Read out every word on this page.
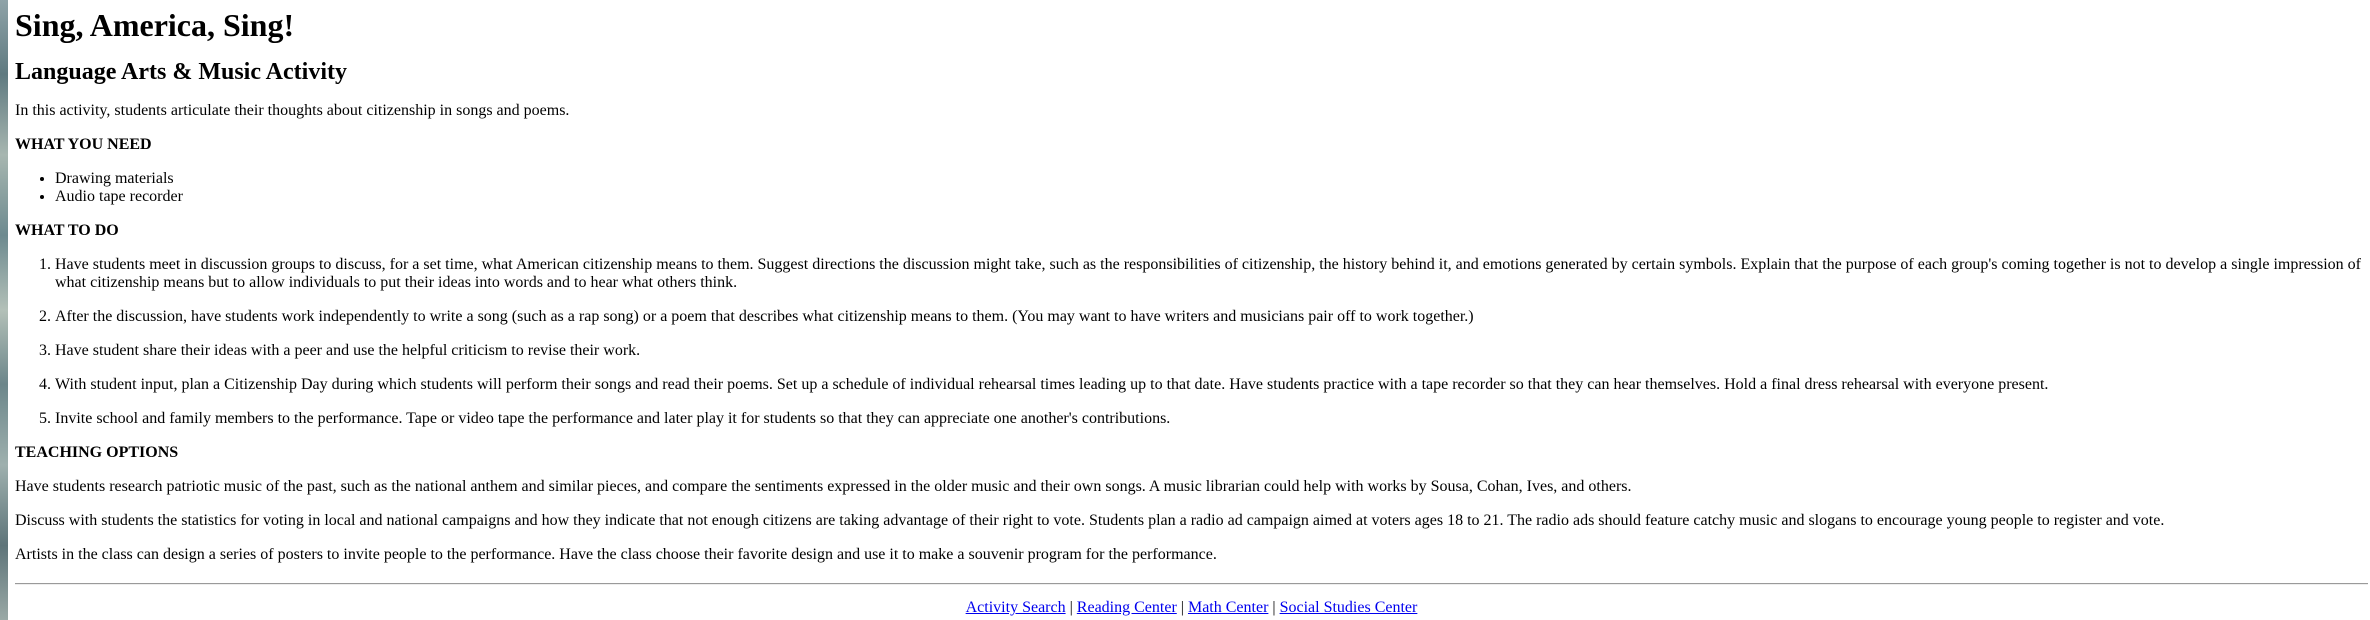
Sing, America, Sing!
Language Arts & Music Activity

In this activity, students articulate their thoughts about citizenship in songs and poems.

WHAT YOU NEED

• Drawing materials
• Audio tape recorder

WHAT TO DO

1. Have students meet in discussion groups to discuss, for a set time, what American citizenship means to them. Suggest directions the discussion might take, such as the responsibilities of citizenship, the history behind it, and emotions generated by certain symbols. Explain that the purpose of each group's coming together is not to develop a single impression of what citizenship means but to allow individuals to put their ideas into words and to hear what others think.
2. After the discussion, have students work independently to write a song (such as a rap song) or a poem that describes what citizenship means to them. (You may want to have writers and musicians pair off to work together.)
3. Have student share their ideas with a peer and use the helpful criticism to revise their work.
4. With student input, plan a Citizenship Day during which students will perform their songs and read their poems. Set up a schedule of individual rehearsal times leading up to that date. Have students practice with a tape recorder so that they can hear themselves. Hold a final dress rehearsal with everyone present.
5. Invite school and family members to the performance. Tape or video tape the performance and later play it for students so that they can appreciate one another's contributions.

TEACHING OPTIONS

Have students research patriotic music of the past, such as the national anthem and similar pieces, and compare the sentiments expressed in the older music and their own songs. A music librarian could help with works by Sousa, Cohan, Ives, and others.

Discuss with students the statistics for voting in local and national campaigns and how they indicate that not enough citizens are taking advantage of their right to vote. Students plan a radio ad campaign aimed at voters ages 18 to 21. The radio ads should feature catchy music and slogans to encourage young people to register and vote.

Artists in the class can design a series of posters to invite people to the performance. Have the class choose their favorite design and use it to make a souvenir program for the performance.

Activity Search | Reading Center | Math Center | Social Studies Center
